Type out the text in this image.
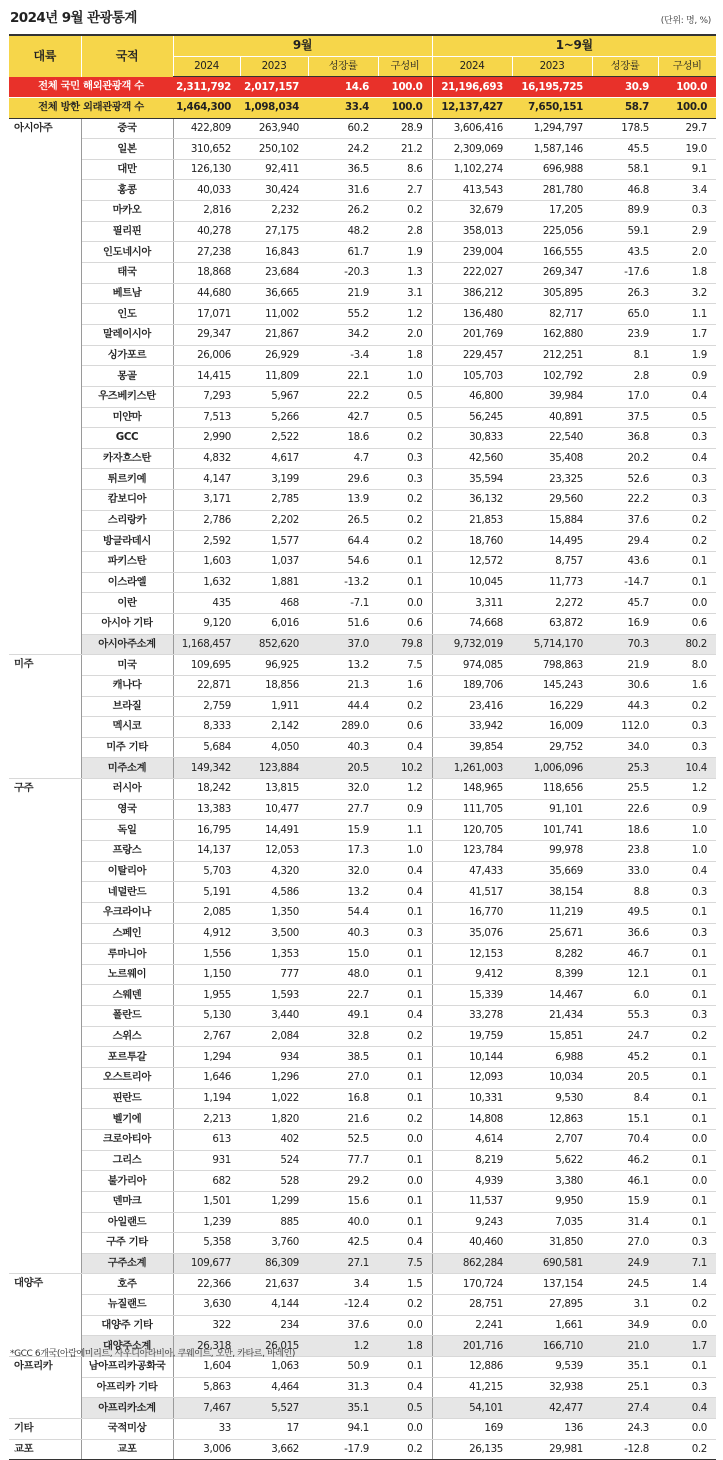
2024년 9월 관광통계	(단위: 명, %)
대륙	국적	9월				1~9월			
		2024	2023	성장률	구성비	2024	2023	성장률	구성비
전체 국민 해외관광객 수		2,311,792	2,017,157	14.6	100.0	21,196,693	16,195,725	30.9	100.0
전체 방한 외래관광객 수		1,464,300	1,098,034	33.4	100.0	12,137,427	7,650,151	58.7	100.0
아시아주	중국	422,809	263,940	60.2	28.9	3,606,416	1,294,797	178.5	29.7
	일본	310,652	250,102	24.2	21.2	2,309,069	1,587,146	45.5	19.0
	대만	126,130	92,411	36.5	8.6	1,102,274	696,988	58.1	9.1
	홍콩	40,033	30,424	31.6	2.7	413,543	281,780	46.8	3.4
	마카오	2,816	2,232	26.2	0.2	32,679	17,205	89.9	0.3
	필리핀	40,278	27,175	48.2	2.8	358,013	225,056	59.1	2.9
	인도네시아	27,238	16,843	61.7	1.9	239,004	166,555	43.5	2.0
	태국	18,868	23,684	-20.3	1.3	222,027	269,347	-17.6	1.8
	베트남	44,680	36,665	21.9	3.1	386,212	305,895	26.3	3.2
	인도	17,071	11,002	55.2	1.2	136,480	82,717	65.0	1.1
	말레이시아	29,347	21,867	34.2	2.0	201,769	162,880	23.9	1.7
	싱가포르	26,006	26,929	-3.4	1.8	229,457	212,251	8.1	1.9
	몽골	14,415	11,809	22.1	1.0	105,703	102,792	2.8	0.9
	우즈베키스탄	7,293	5,967	22.2	0.5	46,800	39,984	17.0	0.4
	미얀마	7,513	5,266	42.7	0.5	56,245	40,891	37.5	0.5
	GCC	2,990	2,522	18.6	0.2	30,833	22,540	36.8	0.3
	카자흐스탄	4,832	4,617	4.7	0.3	42,560	35,408	20.2	0.4
	튀르키예	4,147	3,199	29.6	0.3	35,594	23,325	52.6	0.3
	캄보디아	3,171	2,785	13.9	0.2	36,132	29,560	22.2	0.3
	스리랑카	2,786	2,202	26.5	0.2	21,853	15,884	37.6	0.2
	방글라데시	2,592	1,577	64.4	0.2	18,760	14,495	29.4	0.2
	파키스탄	1,603	1,037	54.6	0.1	12,572	8,757	43.6	0.1
	이스라엘	1,632	1,881	-13.2	0.1	10,045	11,773	-14.7	0.1
	이란	435	468	-7.1	0.0	3,311	2,272	45.7	0.0
	아시아 기타	9,120	6,016	51.6	0.6	74,668	63,872	16.9	0.6
	아시아주소계	1,168,457	852,620	37.0	79.8	9,732,019	5,714,170	70.3	80.2
미주	미국	109,695	96,925	13.2	7.5	974,085	798,863	21.9	8.0
	캐나다	22,871	18,856	21.3	1.6	189,706	145,243	30.6	1.6
	브라질	2,759	1,911	44.4	0.2	23,416	16,229	44.3	0.2
	멕시코	8,333	2,142	289.0	0.6	33,942	16,009	112.0	0.3
	미주 기타	5,684	4,050	40.3	0.4	39,854	29,752	34.0	0.3
	미주소계	149,342	123,884	20.5	10.2	1,261,003	1,006,096	25.3	10.4
구주	러시아	18,242	13,815	32.0	1.2	148,965	118,656	25.5	1.2
	영국	13,383	10,477	27.7	0.9	111,705	91,101	22.6	0.9
	독일	16,795	14,491	15.9	1.1	120,705	101,741	18.6	1.0
	프랑스	14,137	12,053	17.3	1.0	123,784	99,978	23.8	1.0
	이탈리아	5,703	4,320	32.0	0.4	47,433	35,669	33.0	0.4
	네덜란드	5,191	4,586	13.2	0.4	41,517	38,154	8.8	0.3
	우크라이나	2,085	1,350	54.4	0.1	16,770	11,219	49.5	0.1
	스페인	4,912	3,500	40.3	0.3	35,076	25,671	36.6	0.3
	루마니아	1,556	1,353	15.0	0.1	12,153	8,282	46.7	0.1
	노르웨이	1,150	777	48.0	0.1	9,412	8,399	12.1	0.1
	스웨덴	1,955	1,593	22.7	0.1	15,339	14,467	6.0	0.1
	폴란드	5,130	3,440	49.1	0.4	33,278	21,434	55.3	0.3
	스위스	2,767	2,084	32.8	0.2	19,759	15,851	24.7	0.2
	포르투갈	1,294	934	38.5	0.1	10,144	6,988	45.2	0.1
	오스트리아	1,646	1,296	27.0	0.1	12,093	10,034	20.5	0.1
	핀란드	1,194	1,022	16.8	0.1	10,331	9,530	8.4	0.1
	벨기에	2,213	1,820	21.6	0.2	14,808	12,863	15.1	0.1
	크로아티아	613	402	52.5	0.0	4,614	2,707	70.4	0.0
	그리스	931	524	77.7	0.1	8,219	5,622	46.2	0.1
	불가리아	682	528	29.2	0.0	4,939	3,380	46.1	0.0
	덴마크	1,501	1,299	15.6	0.1	11,537	9,950	15.9	0.1
	아일랜드	1,239	885	40.0	0.1	9,243	7,035	31.4	0.1
	구주 기타	5,358	3,760	42.5	0.4	40,460	31,850	27.0	0.3
	구주소계	109,677	86,309	27.1	7.5	862,284	690,581	24.9	7.1
대양주	호주	22,366	21,637	3.4	1.5	170,724	137,154	24.5	1.4
	뉴질랜드	3,630	4,144	-12.4	0.2	28,751	27,895	3.1	0.2
	대양주 기타	322	234	37.6	0.0	2,241	1,661	34.9	0.0
	대양주소계	26,318	26,015	1.2	1.8	201,716	166,710	21.0	1.7
아프리카	남아프리카공화국	1,604	1,063	50.9	0.1	12,886	9,539	35.1	0.1
	아프리카 기타	5,863	4,464	31.3	0.4	41,215	32,938	25.1	0.3
	아프리카소계	7,467	5,527	35.1	0.5	54,101	42,477	27.4	0.4
기타	국적미상	33	17	94.1	0.0	169	136	24.3	0.0
교포	교포	3,006	3,662	-17.9	0.2	26,135	29,981	-12.8	0.2
*GCC 6개국(아랍에미리트, 사우디아라비아, 쿠웨이트, 오만, 카타르, 바레인)
